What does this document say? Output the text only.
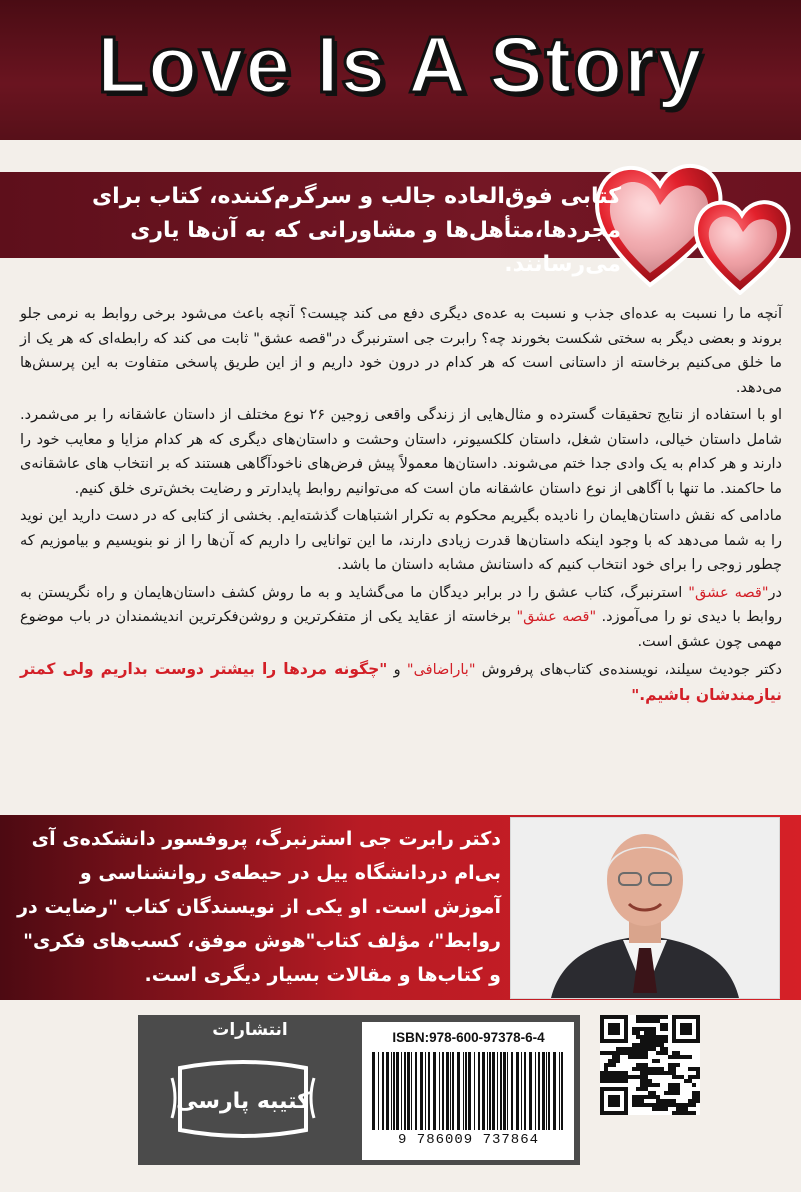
Love Is A Story
کتابی فوق‌العاده جالب و سرگرم‌کننده، کتاب برای مجردها،متأهل‌ها و مشاورانی که به آن‌ها یاری می‌رسانند.

آنچه ما را نسبت به عده‌ای جذب و نسبت به عده‌ی دیگری دفع می کند چیست؟ آنچه باعث می‌شود برخی روابط به نرمی جلو بروند و بعضی دیگر به سختی شکست بخورند چه؟ رابرت جی استرنبرگ در"قصه عشق" ثابت می کند که رابطه‌ای که هر یک از ما خلق می‌کنیم برخاسته از داستانی است که هر کدام در درون خود داریم و از این طریق پاسخی متفاوت به این پرسش‌ها می‌دهد.

او با استفاده از نتایج تحقیقات گسترده و مثال‌هایی از زندگی واقعی زوجین ۲۶ نوع مختلف از داستان عاشقانه را بر می‌شمرد. شامل داستان خیالی، داستان شغل، داستان کلکسیونر، داستان وحشت و داستان‌های دیگری که هر کدام مزایا و معایب خود را دارند و هر کدام به یک وادی جدا ختم می‌شوند. داستان‌ها معمولاً پیش فرض‌های ناخودآگاهی هستند که بر انتخاب های عاشقانه‌ی ما حاکمند. ما تنها با آگاهی از نوع داستان عاشقانه مان است که می‌توانیم روابط پایدارتر و رضایت بخش‌تری خلق کنیم.

مادامی که نقش داستان‌هایمان را نادیده بگیریم محکوم به تکرار اشتباهات گذشته‌ایم. بخشی از کتابی که در دست دارید این نوید را به شما می‌دهد که با وجود اینکه داستان‌ها قدرت زیادی دارند، ما این توانایی را داریم که آن‌ها را از نو بنویسیم و بیاموزیم که چطور زوجی را برای خود انتخاب کنیم که داستانش مشابه داستان ما باشد.

در"قصه عشق" استرنبرگ، کتاب عشق را در برابر دیدگان ما می‌گشاید و به ما روش کشف داستان‌هایمان و راه نگریستن به روابط با دیدی نو را می‌آموزد. "قصه عشق" برخاسته از عقاید یکی از متفکرترین و روشن‌فکرترین اندیشمندان در باب موضوع مهمی چون عشق است.

دکتر جودیث سیلند، نویسنده‌ی کتاب‌های پرفروش "باراضافی" و "چگونه مردها را بیشتر دوست بداریم ولی کمتر نیازمندشان باشیم."

دکتر رابرت جی استرنبرگ، پروفسور دانشکده‌ی آی بی‌ام دردانشگاه ییل در حیطه‌ی روانشناسی و آموزش است. او یکی از نویسندگان کتاب "رضایت در روابط"، مؤلف کتاب"هوش موفق، کسب‌های فکری" و کتاب‌ها و مقالات بسیار دیگری است.
انتشارات
کتیبه پارسی
ISBN:978-600-97378-6-4
9 786009 737864
